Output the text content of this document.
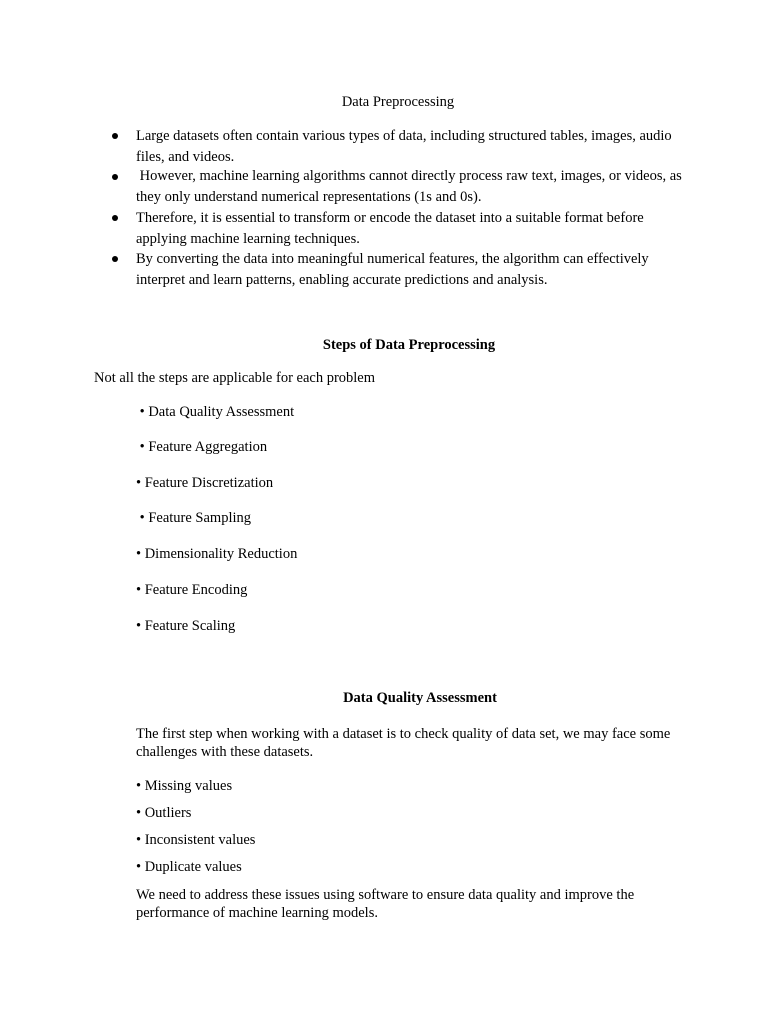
Data Preprocessing
Large datasets often contain various types of data, including structured tables, images, audio
files, and videos.
However, machine learning algorithms cannot directly process raw text, images, or videos, as
they only understand numerical representations (1s and 0s).
Therefore, it is essential to transform or encode the dataset into a suitable format before
applying machine learning techniques.
By converting the data into meaningful numerical features, the algorithm can effectively
interpret and learn patterns, enabling accurate predictions and analysis.
Steps of Data Preprocessing
Not all the steps are applicable for each problem
• Data Quality Assessment
• Feature Aggregation
• Feature Discretization
• Feature Sampling
• Dimensionality Reduction
• Feature Encoding
• Feature Scaling
Data Quality Assessment
The first step when working with a dataset is to check quality of data set, we may face some
challenges with these datasets.
• Missing values
• Outliers
• Inconsistent values
• Duplicate values
We need to address these issues using software to ensure data quality and improve the
performance of machine learning models.
